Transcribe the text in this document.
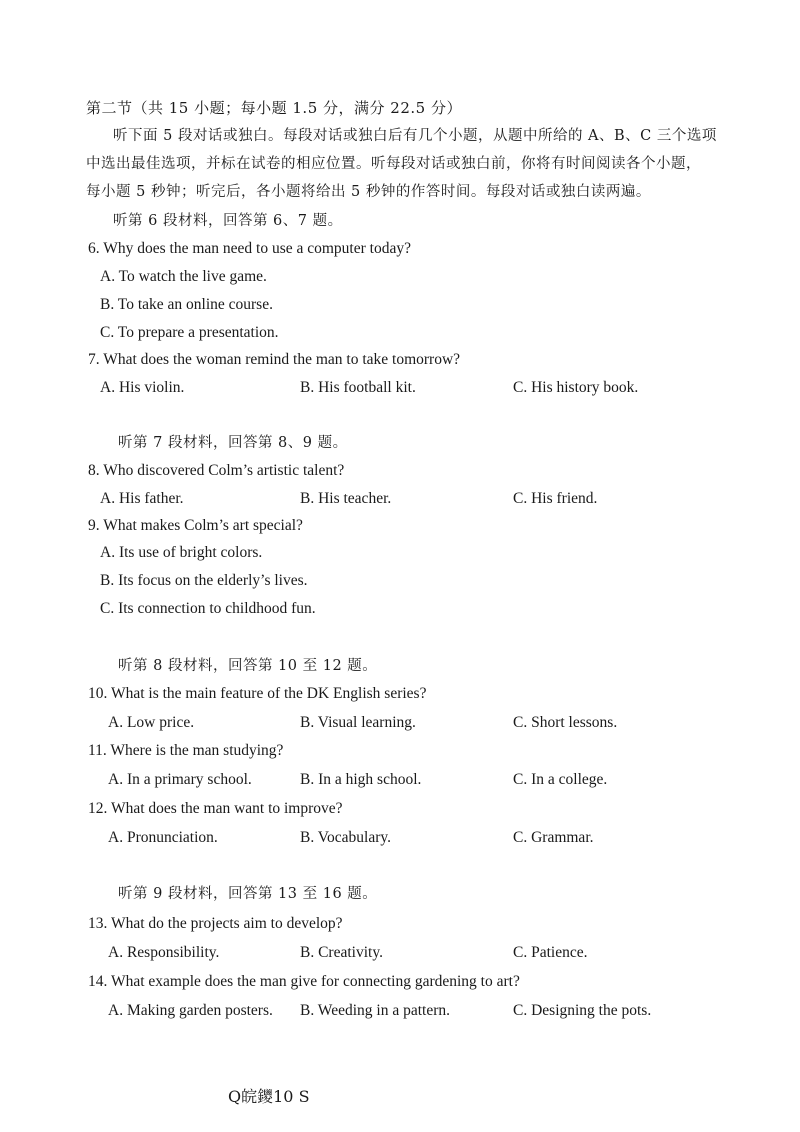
第二节（共 15 小题；每小题 1.5 分，满分 22.5 分）
听下面 5 段对话或独白。每段对话或独白后有几个小题，从题中所给的 A、B、C 三个选项
中选出最佳选项，并标在试卷的相应位置。听每段对话或独白前，你将有时间阅读各个小题，
每小题 5 秒钟；听完后，各小题将给出 5 秒钟的作答时间。每段对话或独白读两遍。
听第 6 段材料，回答第 6、7 题。
6. Why does the man need to use a computer today?
A. To watch the live game.
B. To take an online course.
C. To prepare a presentation.
7. What does the woman remind the man to take tomorrow?
A. His violin.	B. His football kit.	C. His history book.
听第 7 段材料，回答第 8、9 题。
8. Who discovered Colm’s artistic talent?
A. His father.	B. His teacher.	C. His friend.
9. What makes Colm’s art special?
A. Its use of bright colors.
B. Its focus on the elderly’s lives.
C. Its connection to childhood fun.
听第 8 段材料，回答第 10 至 12 题。
10. What is the main feature of the DK English series?
A. Low price.	B. Visual learning.	C. Short lessons.
11. Where is the man studying?
A. In a primary school.	B. In a high school.	C. In a college.
12. What does the man want to improve?
A. Pronunciation.	B. Vocabulary.	C. Grammar.
听第 9 段材料，回答第 13 至 16 题。
13. What do the projects aim to develop?
A. Responsibility.	B. Creativity.	C. Patience.
14. What example does the man give for connecting gardening to art?
A. Making garden posters. B. Weeding in a pattern.	C. Designing the pots.
Q皖鑁10 S
